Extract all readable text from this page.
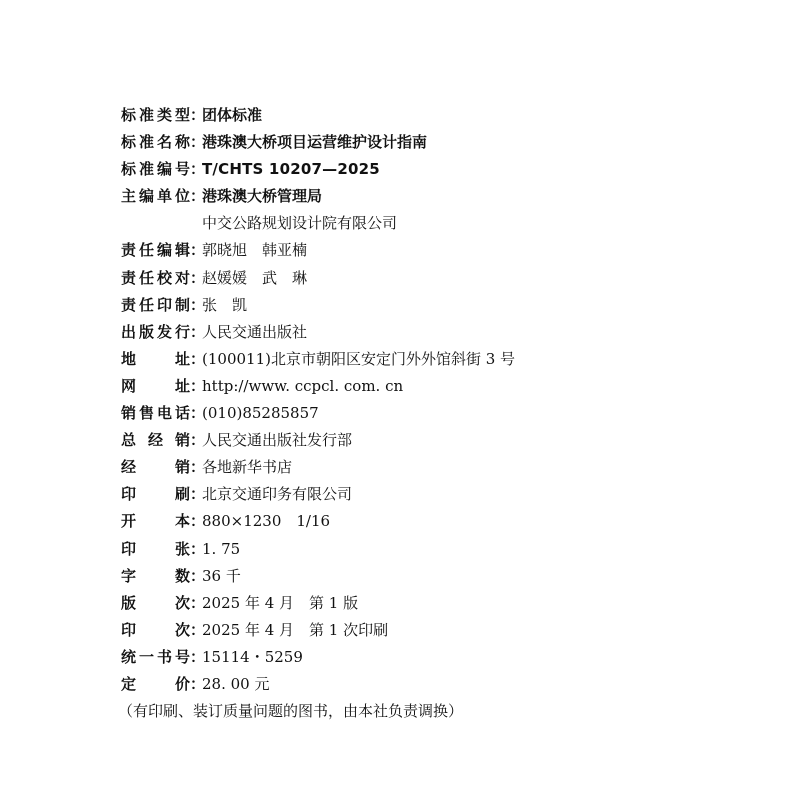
标准类型 ：
团体标准
标准名称 ：
港珠澳大桥项目运营维护设计指南
标准编号 ：
T/CHTS 10207—2025
主编单位 ：
港珠澳大桥管理局
中交公路规划设计院有限公司
责任编辑 ：
郭晓旭　韩亚楠
责任校对 ：
赵媛媛　武　琳
责任印制 ：
张　凯
出版发行 ：
人民交通出版社
地　址 ：
(100011)北京市朝阳区安定门外外馆斜街 3 号
网　址 ：
http://www. ccpcl. com. cn
销售电话 ：
(010)85285857
总经销 ：
人民交通出版社发行部
经　销 ：
各地新华书店
印　刷 ：
北京交通印务有限公司
开　本 ：
880×1230　1/16
印　张 ：
1. 75
字　数 ：
36 千
版　次 ：
2025 年 4 月　第 1 版
印　次 ：
2025 年 4 月　第 1 次印刷
统一书号 ：
15114・5259
定　价 ：
28. 00 元
（有印刷、装订质量问题的图书，由本社负责调换）
